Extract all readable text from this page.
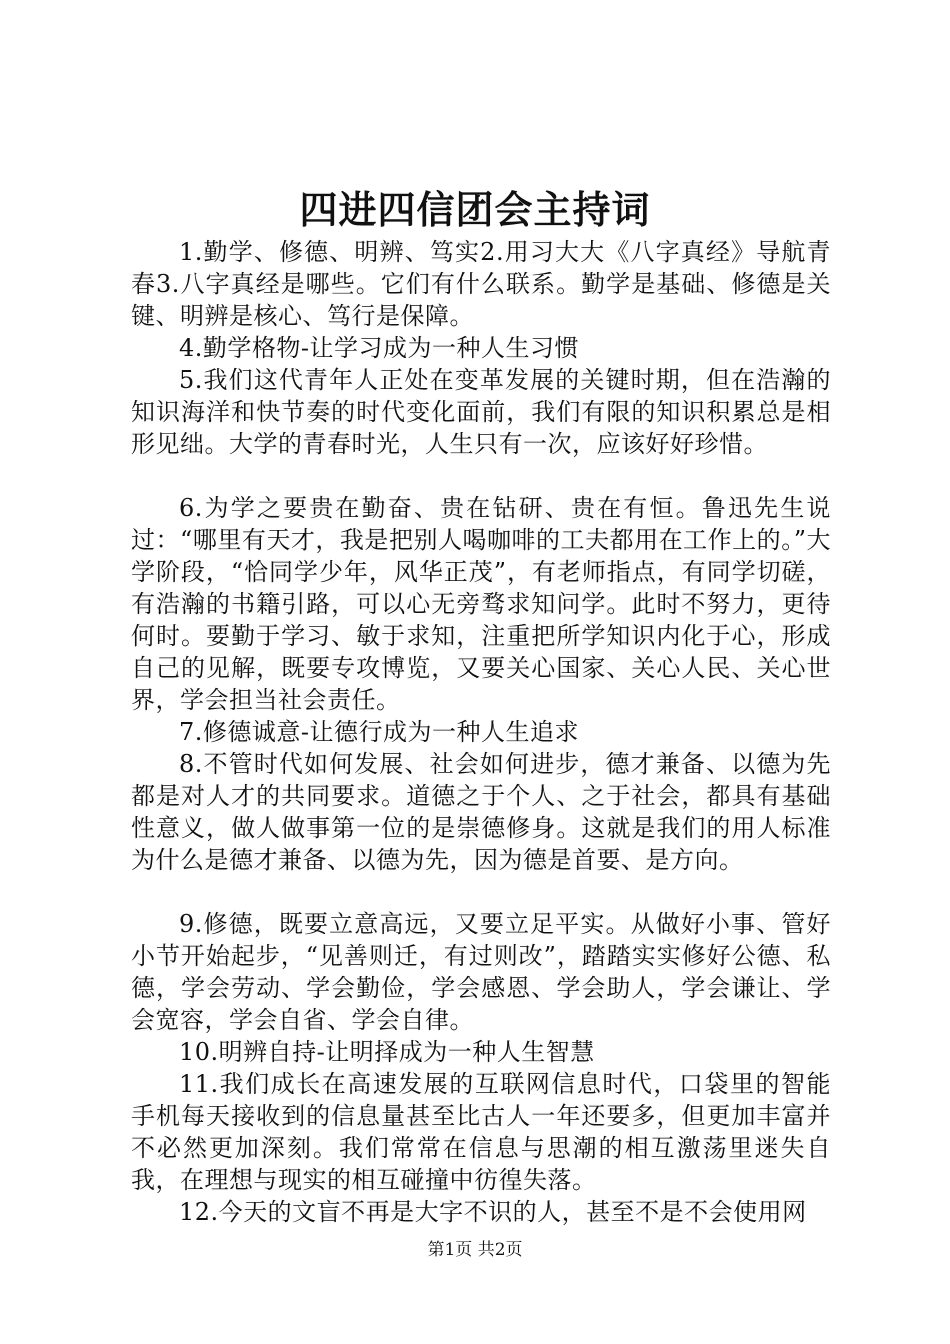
四进四信团会主持词

1.勤学、修德、明辨、笃实2.用习大大《八字真经》导航青春3.八字真经是哪些。它们有什么联系。勤学是基础、修德是关键、明辨是核心、笃行是保障。

4.勤学格物-让学习成为一种人生习惯

5.我们这代青年人正处在变革发展的关键时期，但在浩瀚的知识海洋和快节奏的时代变化面前，我们有限的知识积累总是相形见绌。大学的青春时光，人生只有一次，应该好好珍惜。

6.为学之要贵在勤奋、贵在钻研、贵在有恒。鲁迅先生说过：“哪里有天才，我是把别人喝咖啡的工夫都用在工作上的。”大学阶段，“恰同学少年，风华正茂”，有老师指点，有同学切磋，有浩瀚的书籍引路，可以心无旁骛求知问学。此时不努力，更待何时。要勤于学习、敏于求知，注重把所学知识内化于心，形成自己的见解，既要专攻博览，又要关心国家、关心人民、关心世界，学会担当社会责任。

7.修德诚意-让德行成为一种人生追求

8.不管时代如何发展、社会如何进步，德才兼备、以德为先都是对人才的共同要求。道德之于个人、之于社会，都具有基础性意义，做人做事第一位的是崇德修身。这就是我们的用人标准为什么是德才兼备、以德为先，因为德是首要、是方向。

9.修德，既要立意高远，又要立足平实。从做好小事、管好小节开始起步，“见善则迁，有过则改”，踏踏实实修好公德、私德，学会劳动、学会勤俭，学会感恩、学会助人，学会谦让、学会宽容，学会自省、学会自律。

10.明辨自持-让明择成为一种人生智慧

11.我们成长在高速发展的互联网信息时代，口袋里的智能手机每天接收到的信息量甚至比古人一年还要多，但更加丰富并不必然更加深刻。我们常常在信息与思潮的相互激荡里迷失自我，在理想与现实的相互碰撞中彷徨失落。

12.今天的文盲不再是大字不识的人，甚至不是不会使用网

第1页 共2页
